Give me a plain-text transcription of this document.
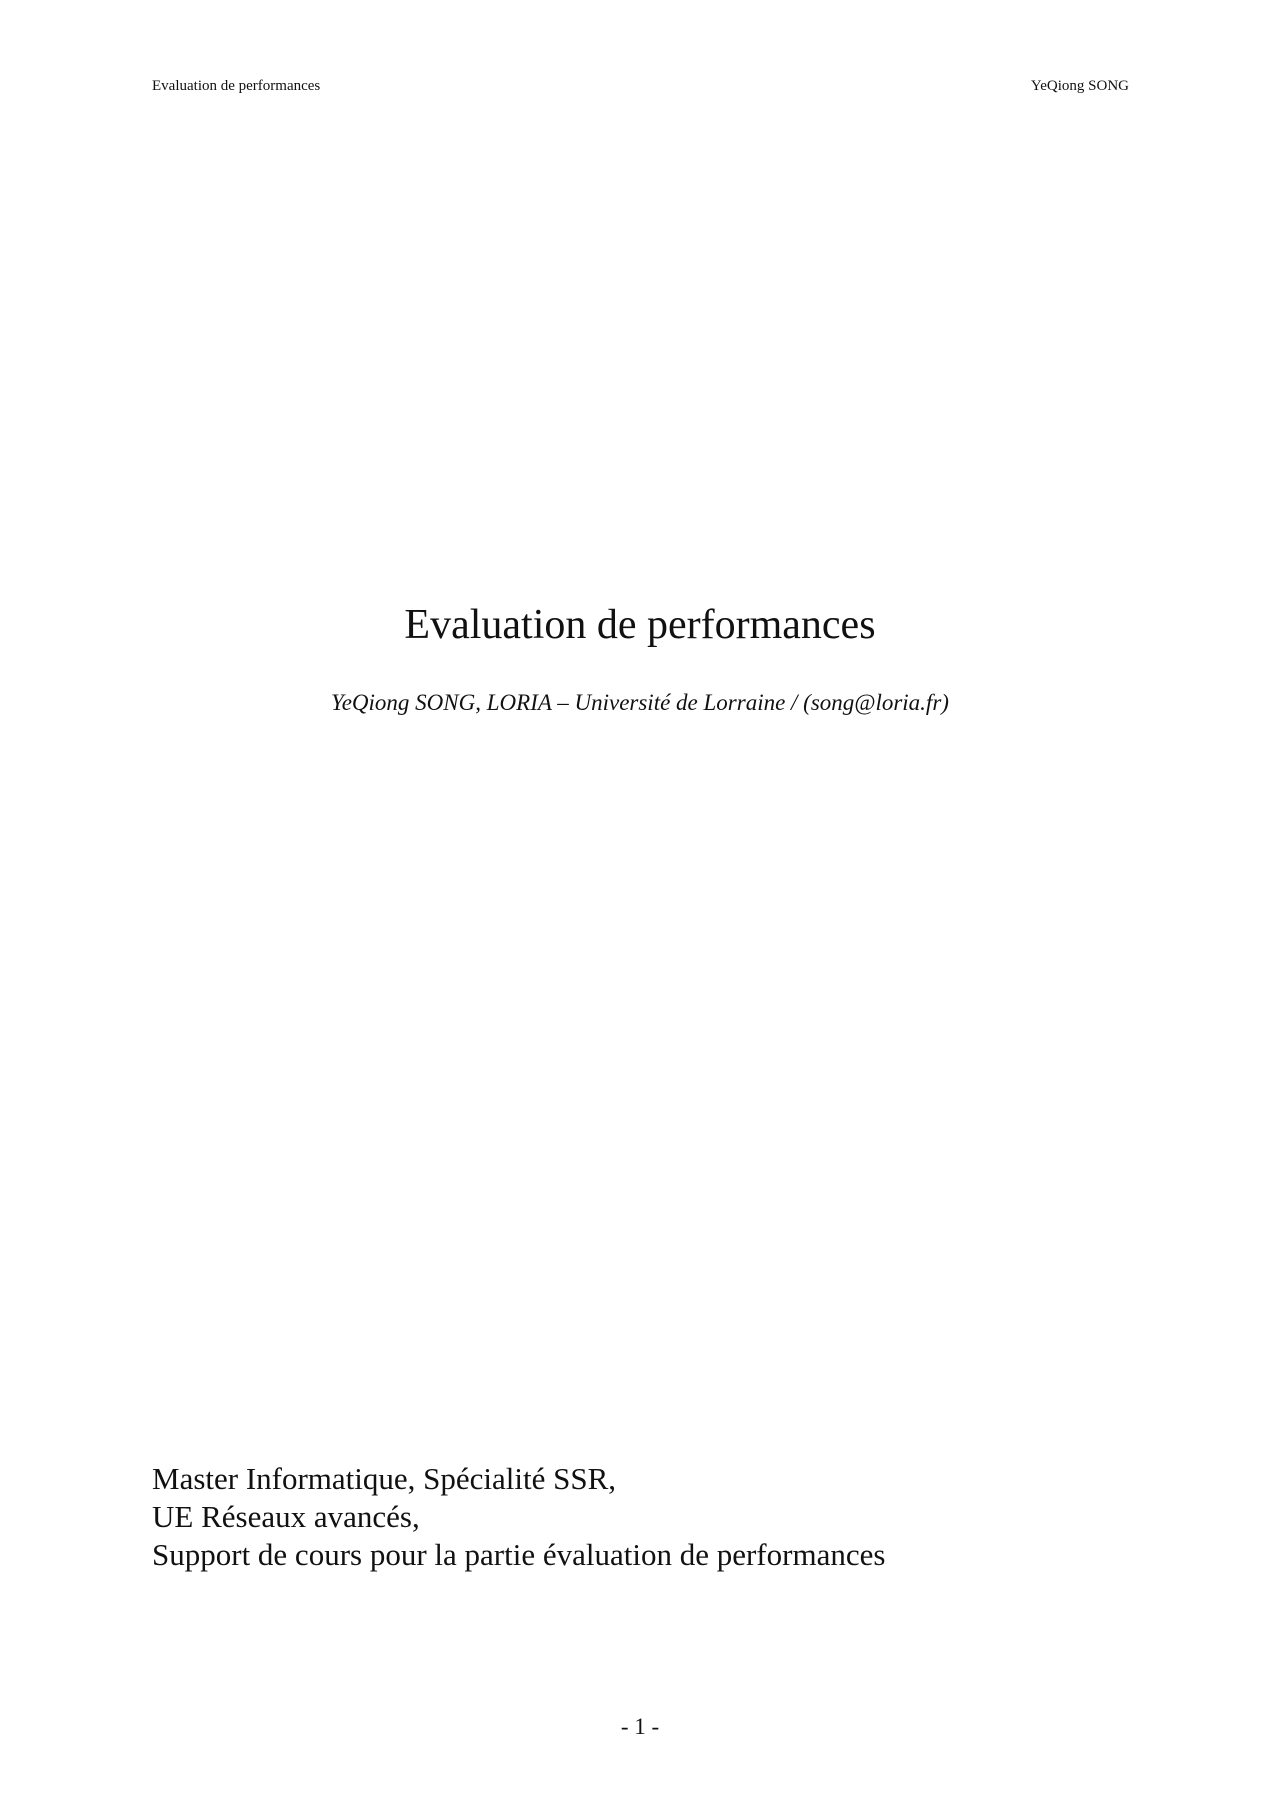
Evaluation de performances	YeQiong SONG
Evaluation de performances
YeQiong SONG, LORIA – Université de Lorraine / (song@loria.fr)
Master Informatique, Spécialité SSR,
UE Réseaux avancés,
Support de cours pour la partie évaluation de performances
- 1 -
